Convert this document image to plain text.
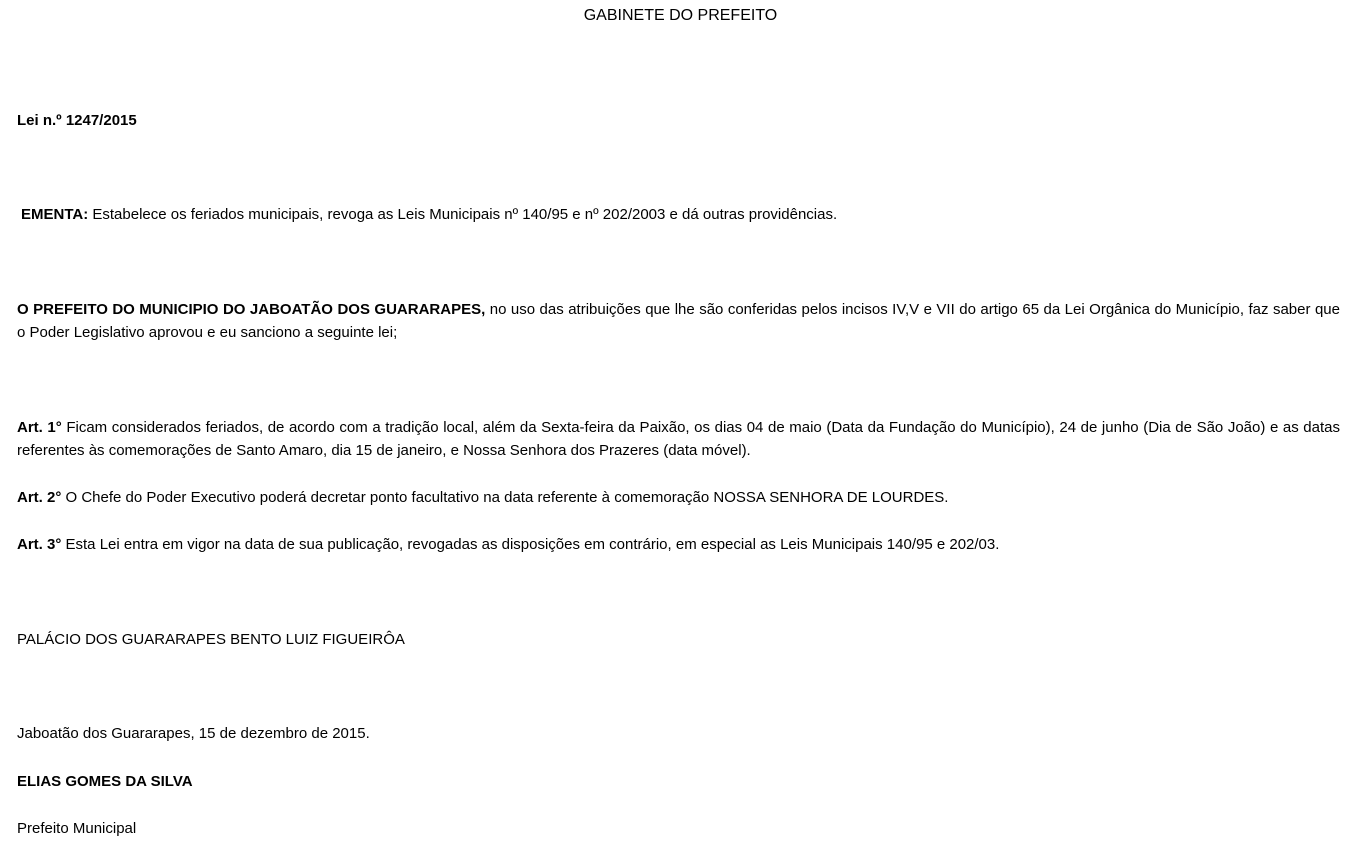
GABINETE DO PREFEITO
Lei n.º 1247/2015
EMENTA: Estabelece os feriados municipais, revoga as Leis Municipais nº 140/95 e nº 202/2003 e dá outras providências.
O PREFEITO DO MUNICIPIO DO JABOATÃO DOS GUARARAPES, no uso das atribuições que lhe são conferidas pelos incisos IV,V e VII do artigo 65 da Lei Orgânica do Município, faz saber que o Poder Legislativo aprovou e eu sanciono a seguinte lei;
Art. 1° Ficam considerados feriados, de acordo com a tradição local, além da Sexta-feira da Paixão, os dias 04 de maio (Data da Fundação do Município), 24 de junho (Dia de São João) e as datas referentes às comemorações de Santo Amaro, dia 15 de janeiro, e Nossa Senhora dos Prazeres (data móvel).
Art. 2° O Chefe do Poder Executivo poderá decretar ponto facultativo na data referente à comemoração NOSSA SENHORA DE LOURDES.
Art. 3° Esta Lei entra em vigor na data de sua publicação, revogadas as disposições em contrário, em especial as Leis Municipais 140/95 e 202/03.
PALÁCIO DOS GUARARAPES BENTO LUIZ FIGUEIRÔA
Jaboatão dos Guararapes, 15 de dezembro de 2015.
ELIAS GOMES DA SILVA
Prefeito Municipal
